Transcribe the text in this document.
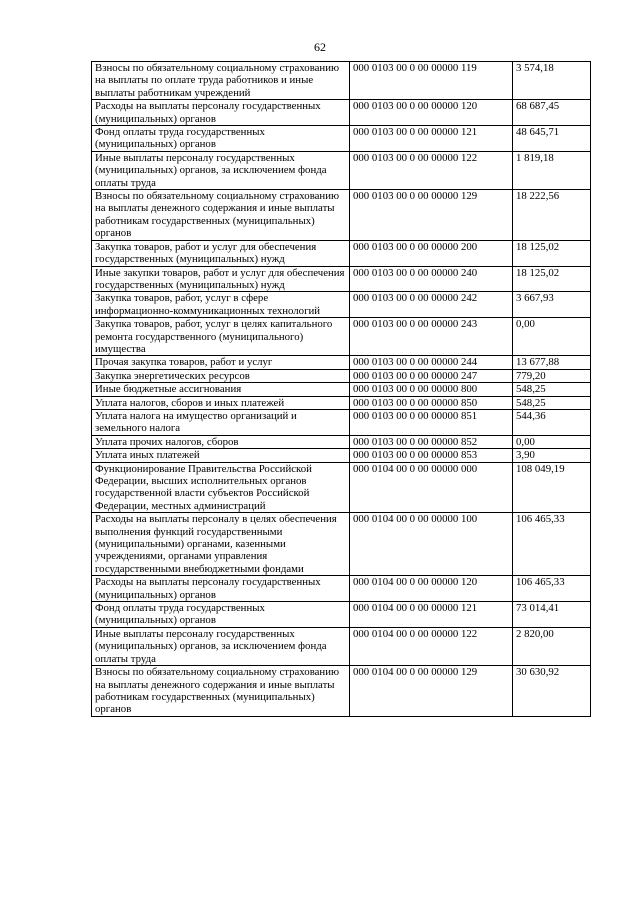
62
Взносы по обязательному социальному страхованию на выплаты по оплате труда работников и иные выплаты работникам учреждений	000 0103 00 0 00 00000 119	3 574,18
Расходы на выплаты персоналу государственных (муниципальных) органов	000 0103 00 0 00 00000 120	68 687,45
Фонд оплаты труда государственных (муниципальных) органов	000 0103 00 0 00 00000 121	48 645,71
Иные выплаты персоналу государственных (муниципальных) органов, за исключением фонда оплаты труда	000 0103 00 0 00 00000 122	1 819,18
Взносы по обязательному социальному страхованию на выплаты денежного содержания и иные выплаты работникам государственных (муниципальных) органов	000 0103 00 0 00 00000 129	18 222,56
Закупка товаров, работ и услуг для обеспечения государственных (муниципальных) нужд	000 0103 00 0 00 00000 200	18 125,02
Иные закупки товаров, работ и услуг для обеспечения государственных (муниципальных) нужд	000 0103 00 0 00 00000 240	18 125,02
Закупка товаров, работ, услуг в сфере информационно-коммуникационных технологий	000 0103 00 0 00 00000 242	3 667,93
Закупка товаров, работ, услуг в целях капитального ремонта государственного (муниципального) имущества	000 0103 00 0 00 00000 243	0,00
Прочая закупка товаров, работ и услуг	000 0103 00 0 00 00000 244	13 677,88
Закупка энергетических ресурсов	000 0103 00 0 00 00000 247	779,20
Иные бюджетные ассигнования	000 0103 00 0 00 00000 800	548,25
Уплата налогов, сборов и иных платежей	000 0103 00 0 00 00000 850	548,25
Уплата налога на имущество организаций и земельного налога	000 0103 00 0 00 00000 851	544,36
Уплата прочих налогов, сборов	000 0103 00 0 00 00000 852	0,00
Уплата иных платежей	000 0103 00 0 00 00000 853	3,90
Функционирование Правительства Российской Федерации, высших исполнительных органов государственной власти субъектов Российской Федерации, местных администраций	000 0104 00 0 00 00000 000	108 049,19
Расходы на выплаты персоналу в целях обеспечения выполнения функций государственными (муниципальными) органами, казенными учреждениями, органами управления государственными внебюджетными фондами	000 0104 00 0 00 00000 100	106 465,33
Расходы на выплаты персоналу государственных (муниципальных) органов	000 0104 00 0 00 00000 120	106 465,33
Фонд оплаты труда государственных (муниципальных) органов	000 0104 00 0 00 00000 121	73 014,41
Иные выплаты персоналу государственных (муниципальных) органов, за исключением фонда оплаты труда	000 0104 00 0 00 00000 122	2 820,00
Взносы по обязательному социальному страхованию на выплаты денежного содержания и иные выплаты работникам государственных (муниципальных) органов	000 0104 00 0 00 00000 129	30 630,92
